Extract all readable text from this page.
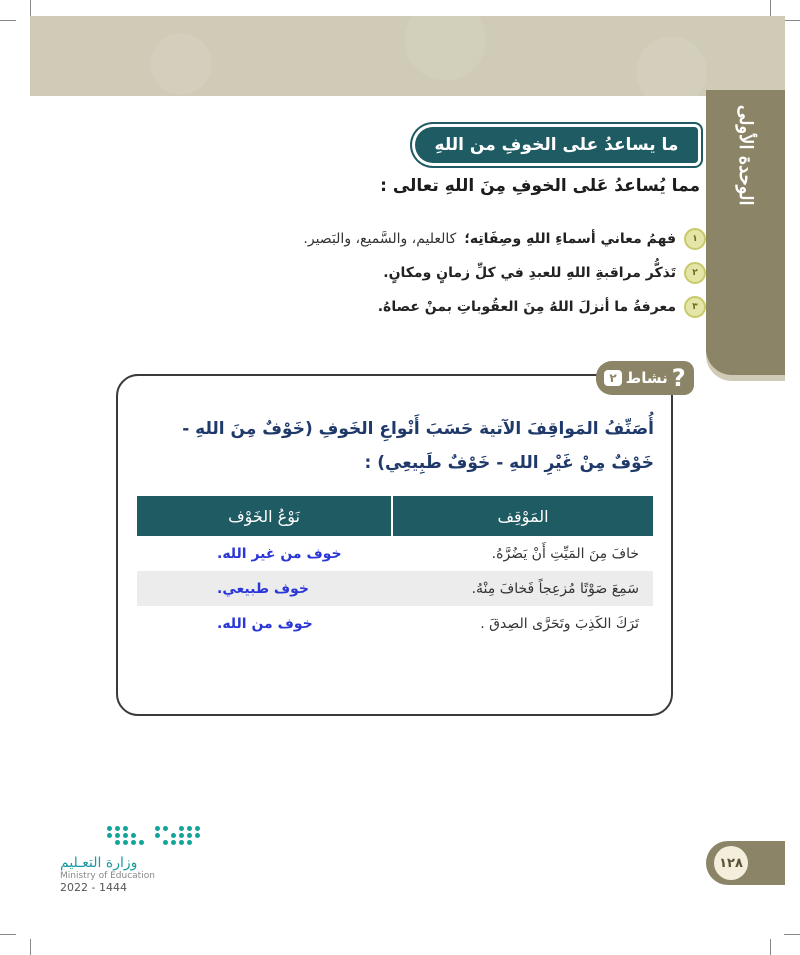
الوحدة الأولى
ما يساعدُ على الخوفِ من اللهِ
مما يُساعدُ عَلى الخوفِ مِنَ اللهِ تعالى :
١
فهمُ معاني أسماءِ اللهِ وصِفَاتِه؛
كالعليم، والسَّميع، والبَصير.
٢
تَذكُّر مراقبةِ اللهِ للعبدِ في كلِّ زمانٍ ومكانٍ.
٣
معرفةُ ما أنزلَ اللهُ مِنَ العقُوباتِ بمنْ عصاهُ.
?
نشاط
٢
أُصَنِّفُ المَواقِفَ الآتية حَسَبَ أَنْواعِ الخَوفِ (خَوْفٌ مِنَ اللهِ - خَوْفٌ مِنْ غَيْرِ اللهِ - خَوْفٌ طَبِيعِي) :
المَوْقِف	نَوْعُ الخَوْف
خافَ مِنَ المَيِّتِ أَنْ يَضُرَّهُ.	خوف من غير الله.
سَمِعَ صَوْتًا مُزعِجاً فَخافَ مِنْهُ.	خوف طبيعي.
تَرَكَ الكَذِبَ وتَحَرَّى الصِدقَ .	خوف من الله.
وزارة التعـليم
Ministry of Education
2022 - 1444
١٢٨
